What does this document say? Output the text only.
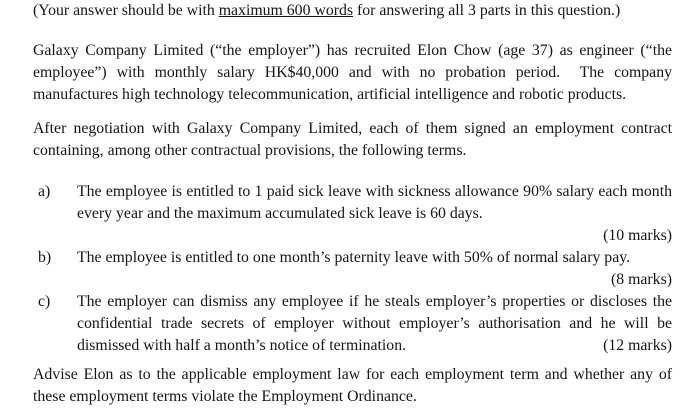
(Your answer should be with maximum 600 words for answering all 3 parts in this question.)

Galaxy Company Limited (“the employer”) has recruited Elon Chow (age 37) as engineer (“the employee”) with monthly salary HK$40,000 and with no probation period.  The company manufactures high technology telecommunication, artificial intelligence and robotic products.

After negotiation with Galaxy Company Limited, each of them signed an employment contract containing, among other contractual provisions, the following terms.

a)	The employee is entitled to 1 paid sick leave with sickness allowance 90% salary each month every year and the maximum accumulated sick leave is 60 days.
(10 marks)
b)	The employee is entitled to one month’s paternity leave with 50% of normal salary pay.
(8 marks)
c)	The employer can dismiss any employee if he steals employer’s properties or discloses the confidential trade secrets of employer without employer’s authorisation and he will be dismissed with half a month’s notice of termination.	(12 marks)

Advise Elon as to the applicable employment law for each employment term and whether any of these employment terms violate the Employment Ordinance.
